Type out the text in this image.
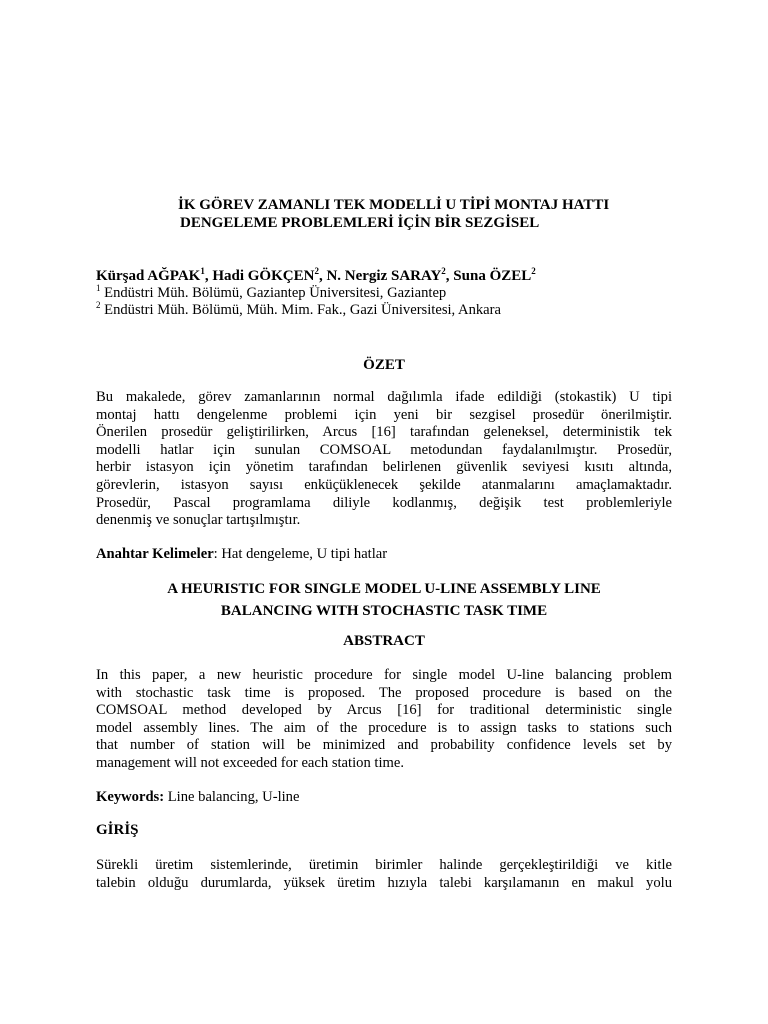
İK GÖREV ZAMANLI TEK MODELLİ U TİPİ MONTAJ HATTI
DENGELEME PROBLEMLERİ İÇİN BİR SEZGİSEL
Kürşad AĞPAK$^1$, Hadi GÖKÇEN$^2$, N. Nergiz SARAY$^2$, Suna ÖZEL$^2$
$^1$ Endüstri Müh. Bölümü, Gaziantep Üniversitesi, Gaziantep
$^2$ Endüstri Müh. Bölümü, Müh. Mim. Fak., Gazi Üniversitesi, Ankara
ÖZET
Bu makalede, görev zamanlarının normal dağılımla ifade edildiği (stokastik) U tipi
montaj hattı dengelenme problemi için yeni bir sezgisel prosedür önerilmiştir.
Önerilen prosedür geliştirilirken, Arcus [16] tarafından geleneksel, deterministik tek
modelli hatlar için sunulan COMSOAL metodundan faydalanılmıştır. Prosedür,
herbir istasyon için yönetim tarafından belirlenen güvenlik seviyesi kısıtı altında,
görevlerin, istasyon sayısı enküçüklenecek şekilde atanmalarını amaçlamaktadır.
Prosedür, Pascal programlama diliyle kodlanmış, değişik test problemleriyle
denenmiş ve sonuçlar tartışılmıştır.
Anahtar Kelimeler: Hat dengeleme, U tipi hatlar
A HEURISTIC FOR SINGLE MODEL U-LINE ASSEMBLY LINE
BALANCING WITH STOCHASTIC TASK TIME
ABSTRACT
In this paper, a new heuristic procedure for single model U-line balancing problem
with stochastic task time is proposed. The proposed procedure is based on the
COMSOAL method developed by Arcus [16] for traditional deterministic single
model assembly lines. The aim of the procedure is to assign tasks to stations such
that number of station will be minimized and probability confidence levels set by
management will not exceeded for each station time.
Keywords: Line balancing, U-line
GİRİŞ
Sürekli üretim sistemlerinde, üretimin birimler halinde gerçekleştirildiği ve kitle
talebin olduğu durumlarda, yüksek üretim hızıyla talebi karşılamanın en makul yolu
